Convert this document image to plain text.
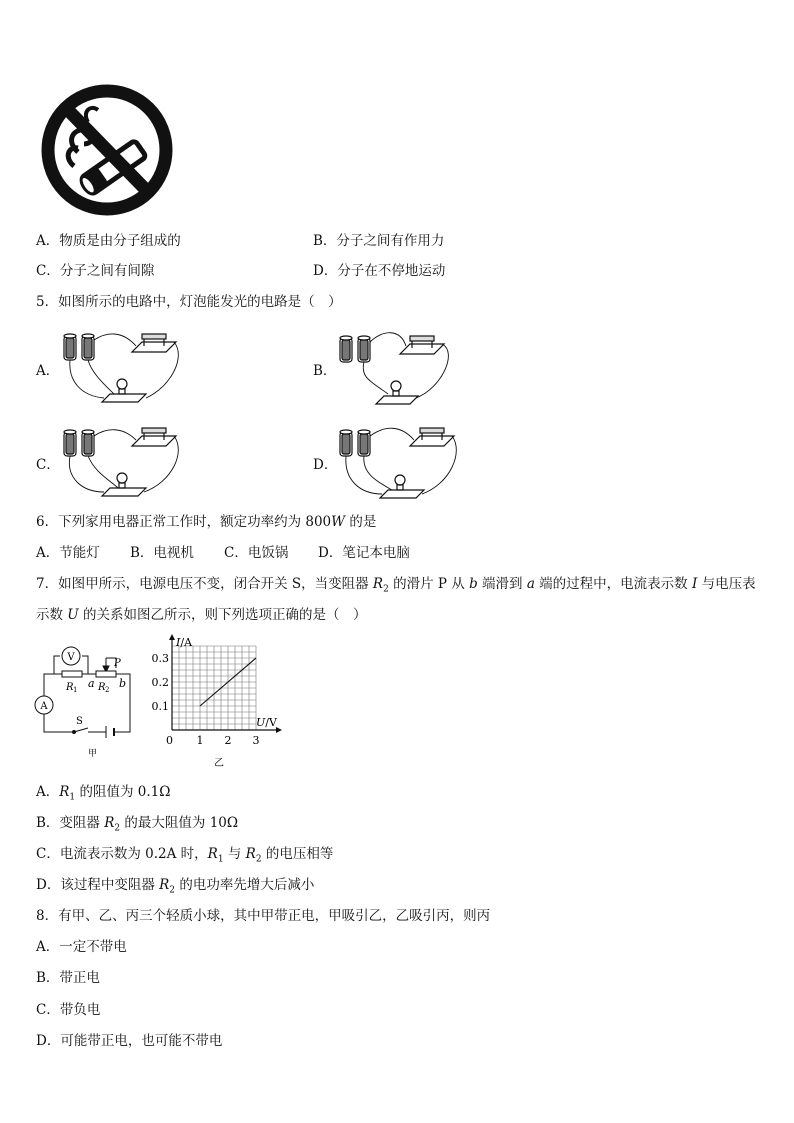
A．物质是由分子组成的	B．分子之间有作用力
C．分子之间有间隙	D．分子在不停地运动
5．如图所示的电路中，灯泡能发光的电路是（　）
A．	B．
C．	D．
6．下列家用电器正常工作时，额定功率约为 800W 的是
A．节能灯 B．电视机 C．电饭锅 D．笔记本电脑
7．如图甲所示，电源电压不变，闭合开关 S，当变阻器 $R_2$ 的滑片 P 从 b 端滑到 a 端的过程中，电流表示数 I 与电压表
示数 U 的关系如图乙所示，则下列选项正确的是（　）
V
A
R 1 R 2
a b
P
S
甲
0.1
0.2
0.3
1 2 3
I/A
U/V
0
乙
A．$R_1$ 的阻值为 0.1Ω
B．变阻器 $R_2$ 的最大阻值为 10Ω
C．电流表示数为 0.2A 时，$R_1$ 与 $R_2$ 的电压相等
D．该过程中变阻器 $R_2$ 的电功率先增大后减小
8．有甲、乙、丙三个轻质小球，其中甲带正电，甲吸引乙，乙吸引丙，则丙
A．一定不带电
B．带正电
C．带负电
D．可能带正电，也可能不带电
